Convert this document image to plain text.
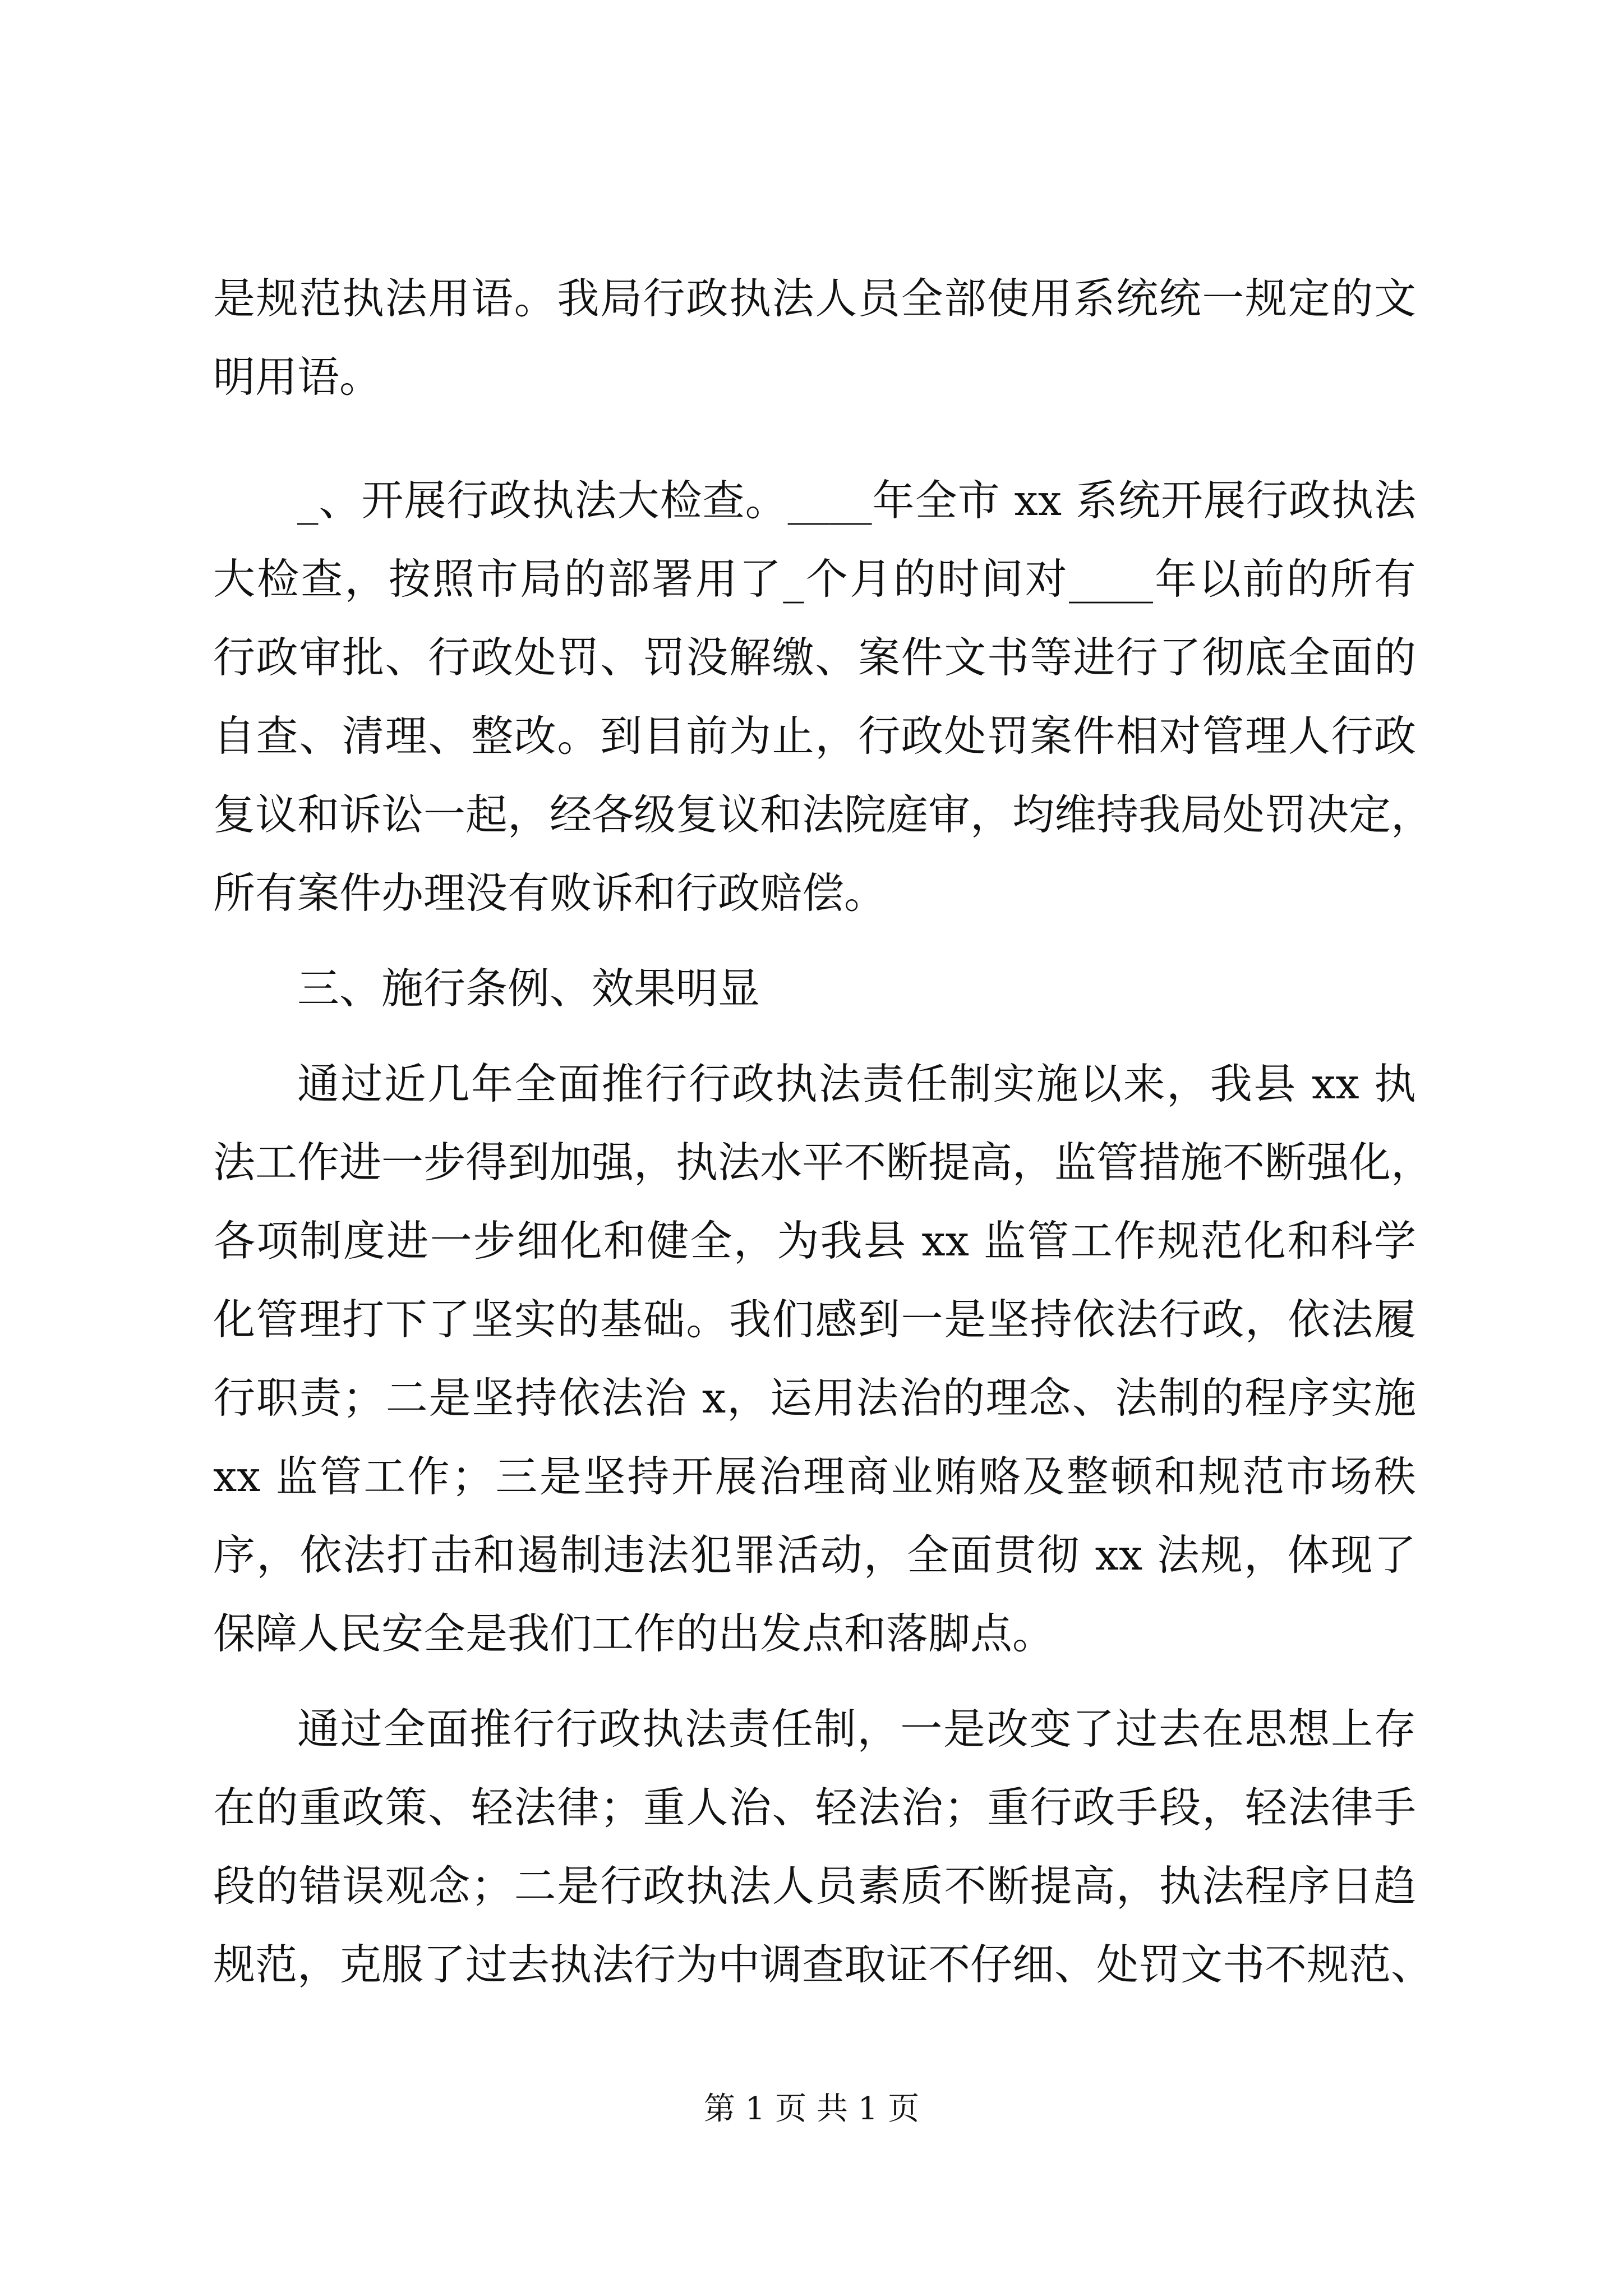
是规范执法用语。我局行政执法人员全部使用系统统一规定的文
明用语。
_、开展行政执法大检查。____年全市 xx 系统开展行政执法
大检查，按照市局的部署用了_个月的时间对____年以前的所有
行政审批、行政处罚、罚没解缴、案件文书等进行了彻底全面的
自查、清理、整改。到目前为止，行政处罚案件相对管理人行政
复议和诉讼一起，经各级复议和法院庭审，均维持我局处罚决定，
所有案件办理没有败诉和行政赔偿。
三、施行条例、效果明显
通过近几年全面推行行政执法责任制实施以来，我县 xx 执
法工作进一步得到加强，执法水平不断提高，监管措施不断强化，
各项制度进一步细化和健全，为我县 xx 监管工作规范化和科学
化管理打下了坚实的基础。我们感到一是坚持依法行政，依法履
行职责；二是坚持依法治 x，运用法治的理念、法制的程序实施
xx 监管工作；三是坚持开展治理商业贿赂及整顿和规范市场秩
序，依法打击和遏制违法犯罪活动，全面贯彻 xx 法规，体现了
保障人民安全是我们工作的出发点和落脚点。
通过全面推行行政执法责任制，一是改变了过去在思想上存
在的重政策、轻法律；重人治、轻法治；重行政手段，轻法律手
段的错误观念；二是行政执法人员素质不断提高，执法程序日趋
规范，克服了过去执法行为中调查取证不仔细、处罚文书不规范、
第 1 页 共 1 页
